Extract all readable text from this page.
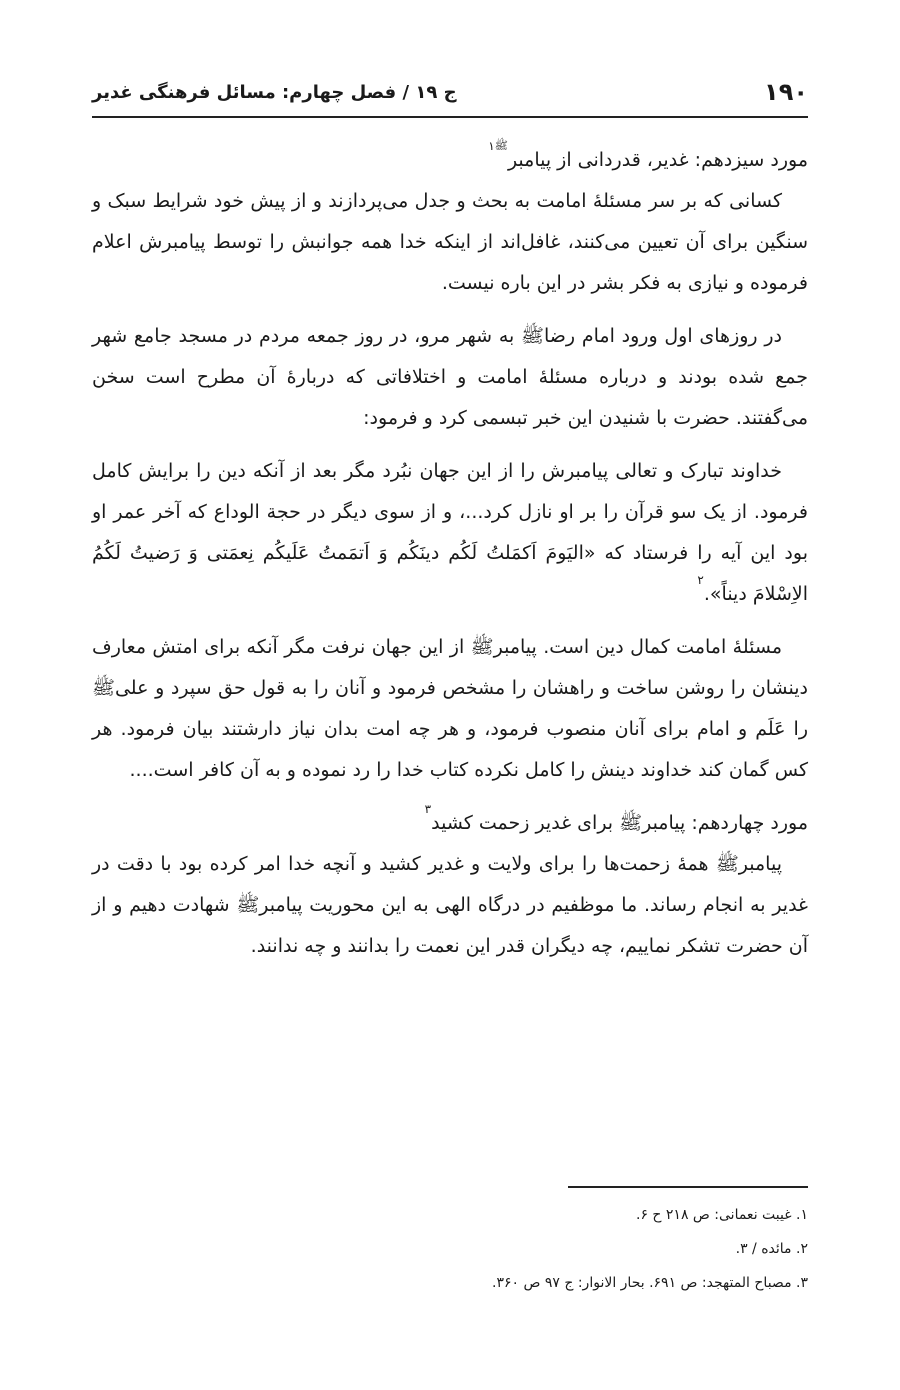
۱۹۰
ج ۱۹ / فصل چهارم: مسائل فرهنگی غدیر

مورد سیزدهم: غدیر، قدردانی از پیامبر$^{ﷺ۱}$

کسانی که بر سر مسئلهٔ امامت به بحث و جدل می‌پردازند و از پیش خود شرایط سبک و سنگین برای آن تعیین می‌کنند، غافل‌اند از اینکه خدا همه جوانبش را توسط پیامبرش اعلام فرموده و نیازی به فکر بشر در این باره نیست.

در روزهای اول ورود امام رضاﷺ به شهر مرو، در روز جمعه مردم در مسجد جامع شهر جمع شده بودند و درباره مسئلهٔ امامت و اختلافاتی که دربارهٔ آن مطرح است سخن می‌گفتند. حضرت با شنیدن این خبر تبسمی کرد و فرمود:

خداوند تبارک و تعالی پیامبرش را از این جهان نبُرد مگر بعد از آنکه دین را برایش کامل فرمود. از یک سو قرآن را بر او نازل کرد...، و از سوی دیگر در حجة الوداع که آخر عمر او بود این آیه را فرستاد که «الیَومَ اَکمَلتُ لَکُم دینَکُم وَ اَتمَمتُ عَلَیکُم نِعمَتی وَ رَضیتُ لَکُمُ الاِسْلامَ دیناً».$^۲$

مسئلهٔ امامت کمال دین است. پیامبرﷺ از این جهان نرفت مگر آنکه برای امتش معارف دینشان را روشن ساخت و راهشان را مشخص فرمود و آنان را به قول حق سپرد و علیﷺ را عَلَم و امام برای آنان منصوب فرمود، و هر چه امت بدان نیاز دارشتند بیان فرمود. هر کس گمان کند خداوند دینش را کامل نکرده کتاب خدا را رد نموده و به آن کافر است....

مورد چهاردهم: پیامبرﷺ برای غدیر زحمت کشید$^۳$

پیامبرﷺ همهٔ زحمت‌ها را برای ولایت و غدیر کشید و آنچه خدا امر کرده بود با دقت در غدیر به انجام رساند. ما موظفیم در درگاه الهی به این محوریت پیامبرﷺ شهادت دهیم و از آن حضرت تشکر نماییم، چه دیگران قدر این نعمت را بدانند و چه ندانند.

۱. غیبت نعمانی: ص ۲۱۸ ح ۶.

۲. مائده / ۳.

۳. مصباح المتهجد: ص ۶۹۱. بحار الانوار: ج ۹۷ ص ۳۶۰.
